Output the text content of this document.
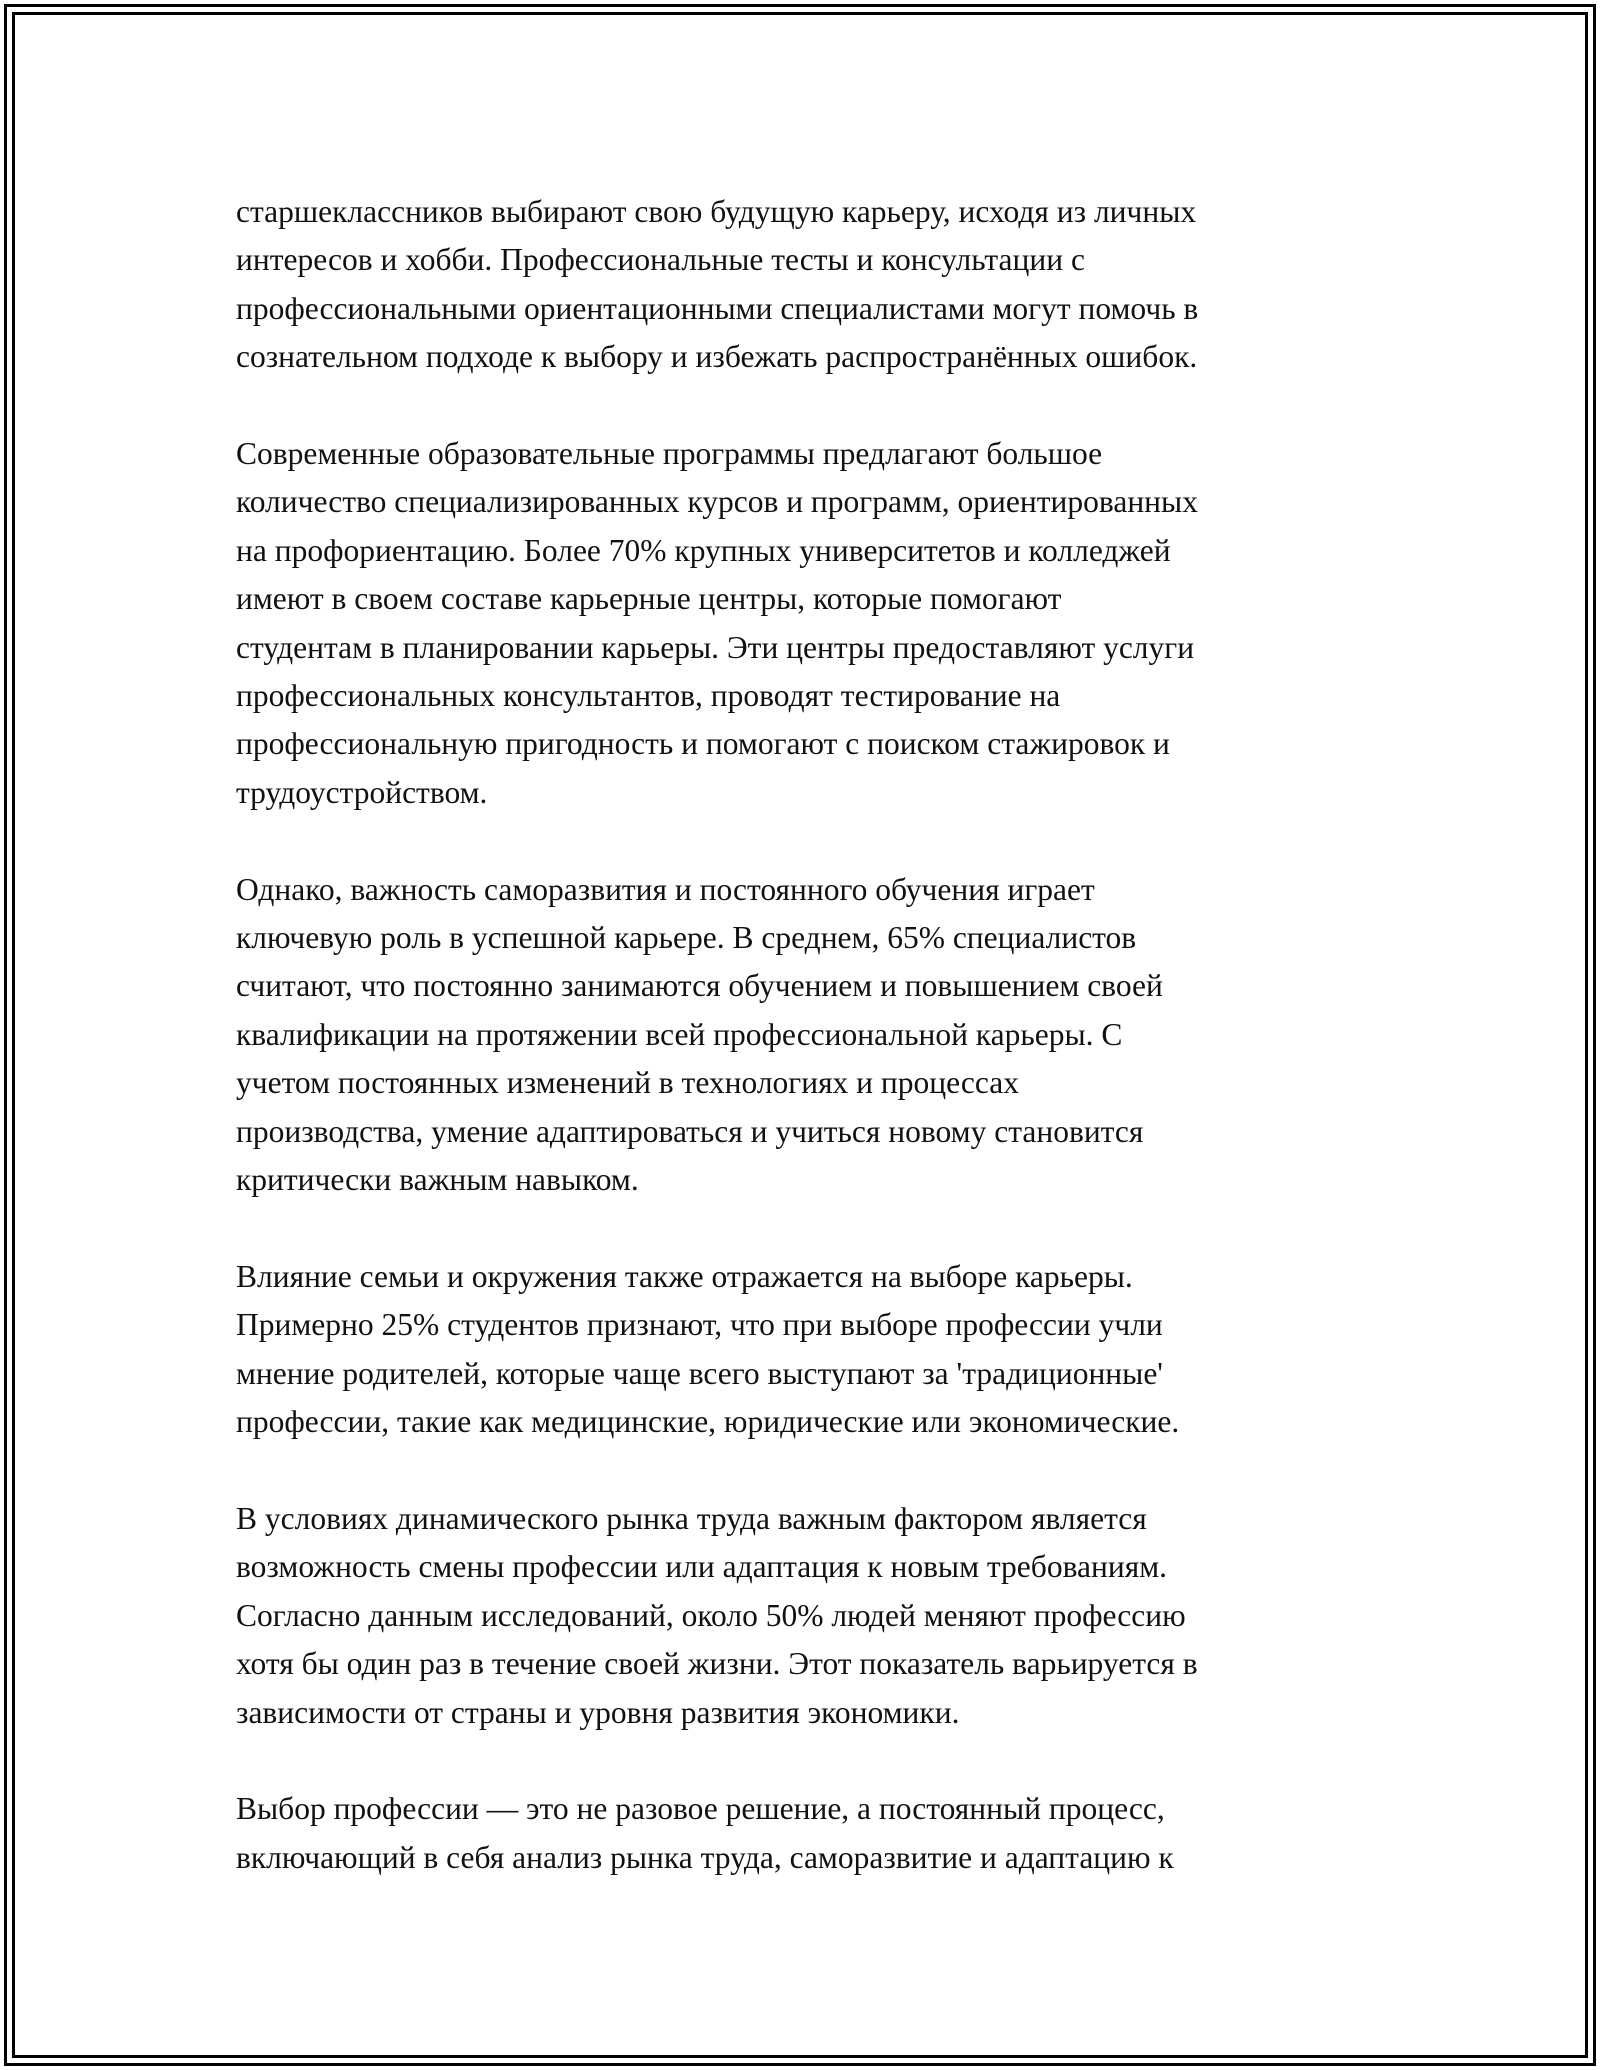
старшеклассников выбирают свою будущую карьеру, исходя из личных
интересов и хобби. Профессиональные тесты и консультации с
профессиональными ориентационными специалистами могут помочь в
сознательном подходе к выбору и избежать распространённых ошибок.

Современные образовательные программы предлагают большое
количество специализированных курсов и программ, ориентированных
на профориентацию. Более 70% крупных университетов и колледжей
имеют в своем составе карьерные центры, которые помогают
студентам в планировании карьеры. Эти центры предоставляют услуги
профессиональных консультантов, проводят тестирование на
профессиональную пригодность и помогают с поиском стажировок и
трудоустройством.

Однако, важность саморазвития и постоянного обучения играет
ключевую роль в успешной карьере. В среднем, 65% специалистов
считают, что постоянно занимаются обучением и повышением своей
квалификации на протяжении всей профессиональной карьеры. С
учетом постоянных изменений в технологиях и процессах
производства, умение адаптироваться и учиться новому становится
критически важным навыком.

Влияние семьи и окружения также отражается на выборе карьеры.
Примерно 25% студентов признают, что при выборе профессии учли
мнение родителей, которые чаще всего выступают за 'традиционные'
профессии, такие как медицинские, юридические или экономические.

В условиях динамического рынка труда важным фактором является
возможность смены профессии или адаптация к новым требованиям.
Согласно данным исследований, около 50% людей меняют профессию
хотя бы один раз в течение своей жизни. Этот показатель варьируется в
зависимости от страны и уровня развития экономики.

Выбор профессии — это не разовое решение, а постоянный процесс,
включающий в себя анализ рынка труда, саморазвитие и адаптацию к
